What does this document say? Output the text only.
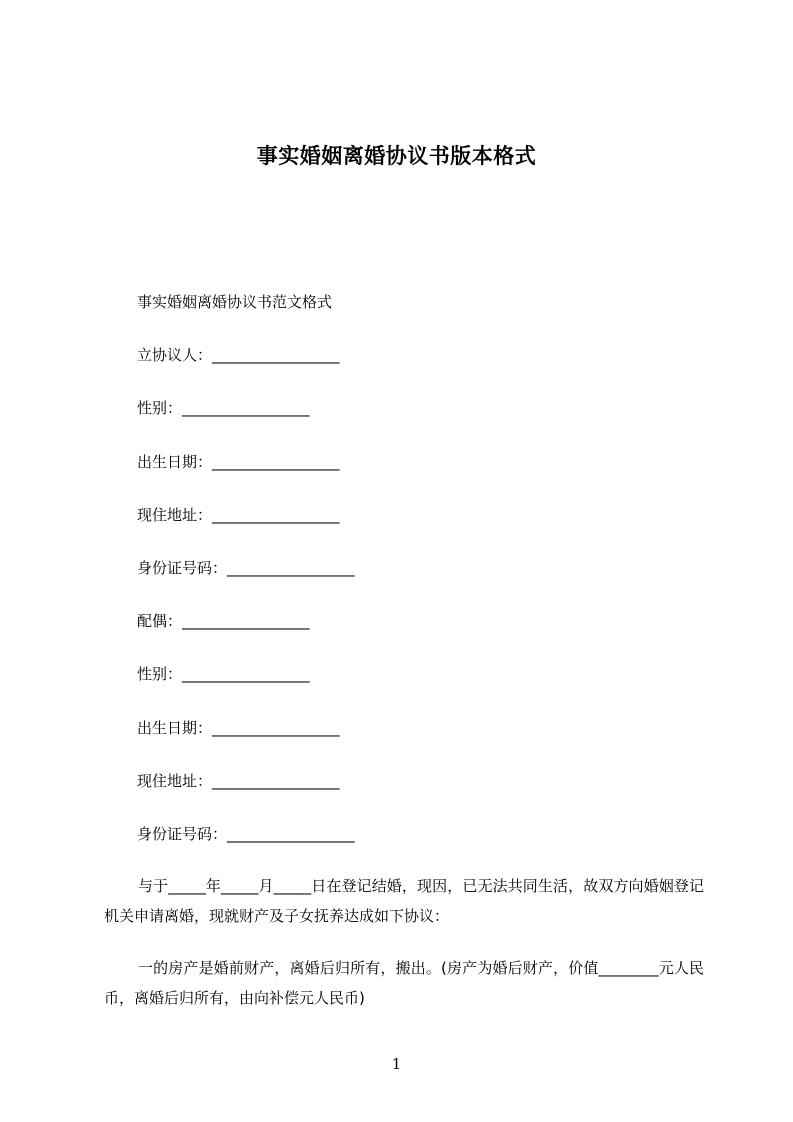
事实婚姻离婚协议书版本格式
事实婚姻离婚协议书范文格式
立协议人：_________________
性别：_________________
出生日期：_________________
现住地址：_________________
身份证号码：_________________
配偶：_________________
性别：_________________
出生日期：_________________
现住地址：_________________
身份证号码：_________________
与于_____年_____月_____日在登记结婚，现因，已无法共同生活，故双方向婚姻登记机关申请离婚，现就财产及子女抚养达成如下协议：
一的房产是婚前财产，离婚后归所有，搬出。(房产为婚后财产，价值________元人民币，离婚后归所有，由向补偿元人民币)
1
